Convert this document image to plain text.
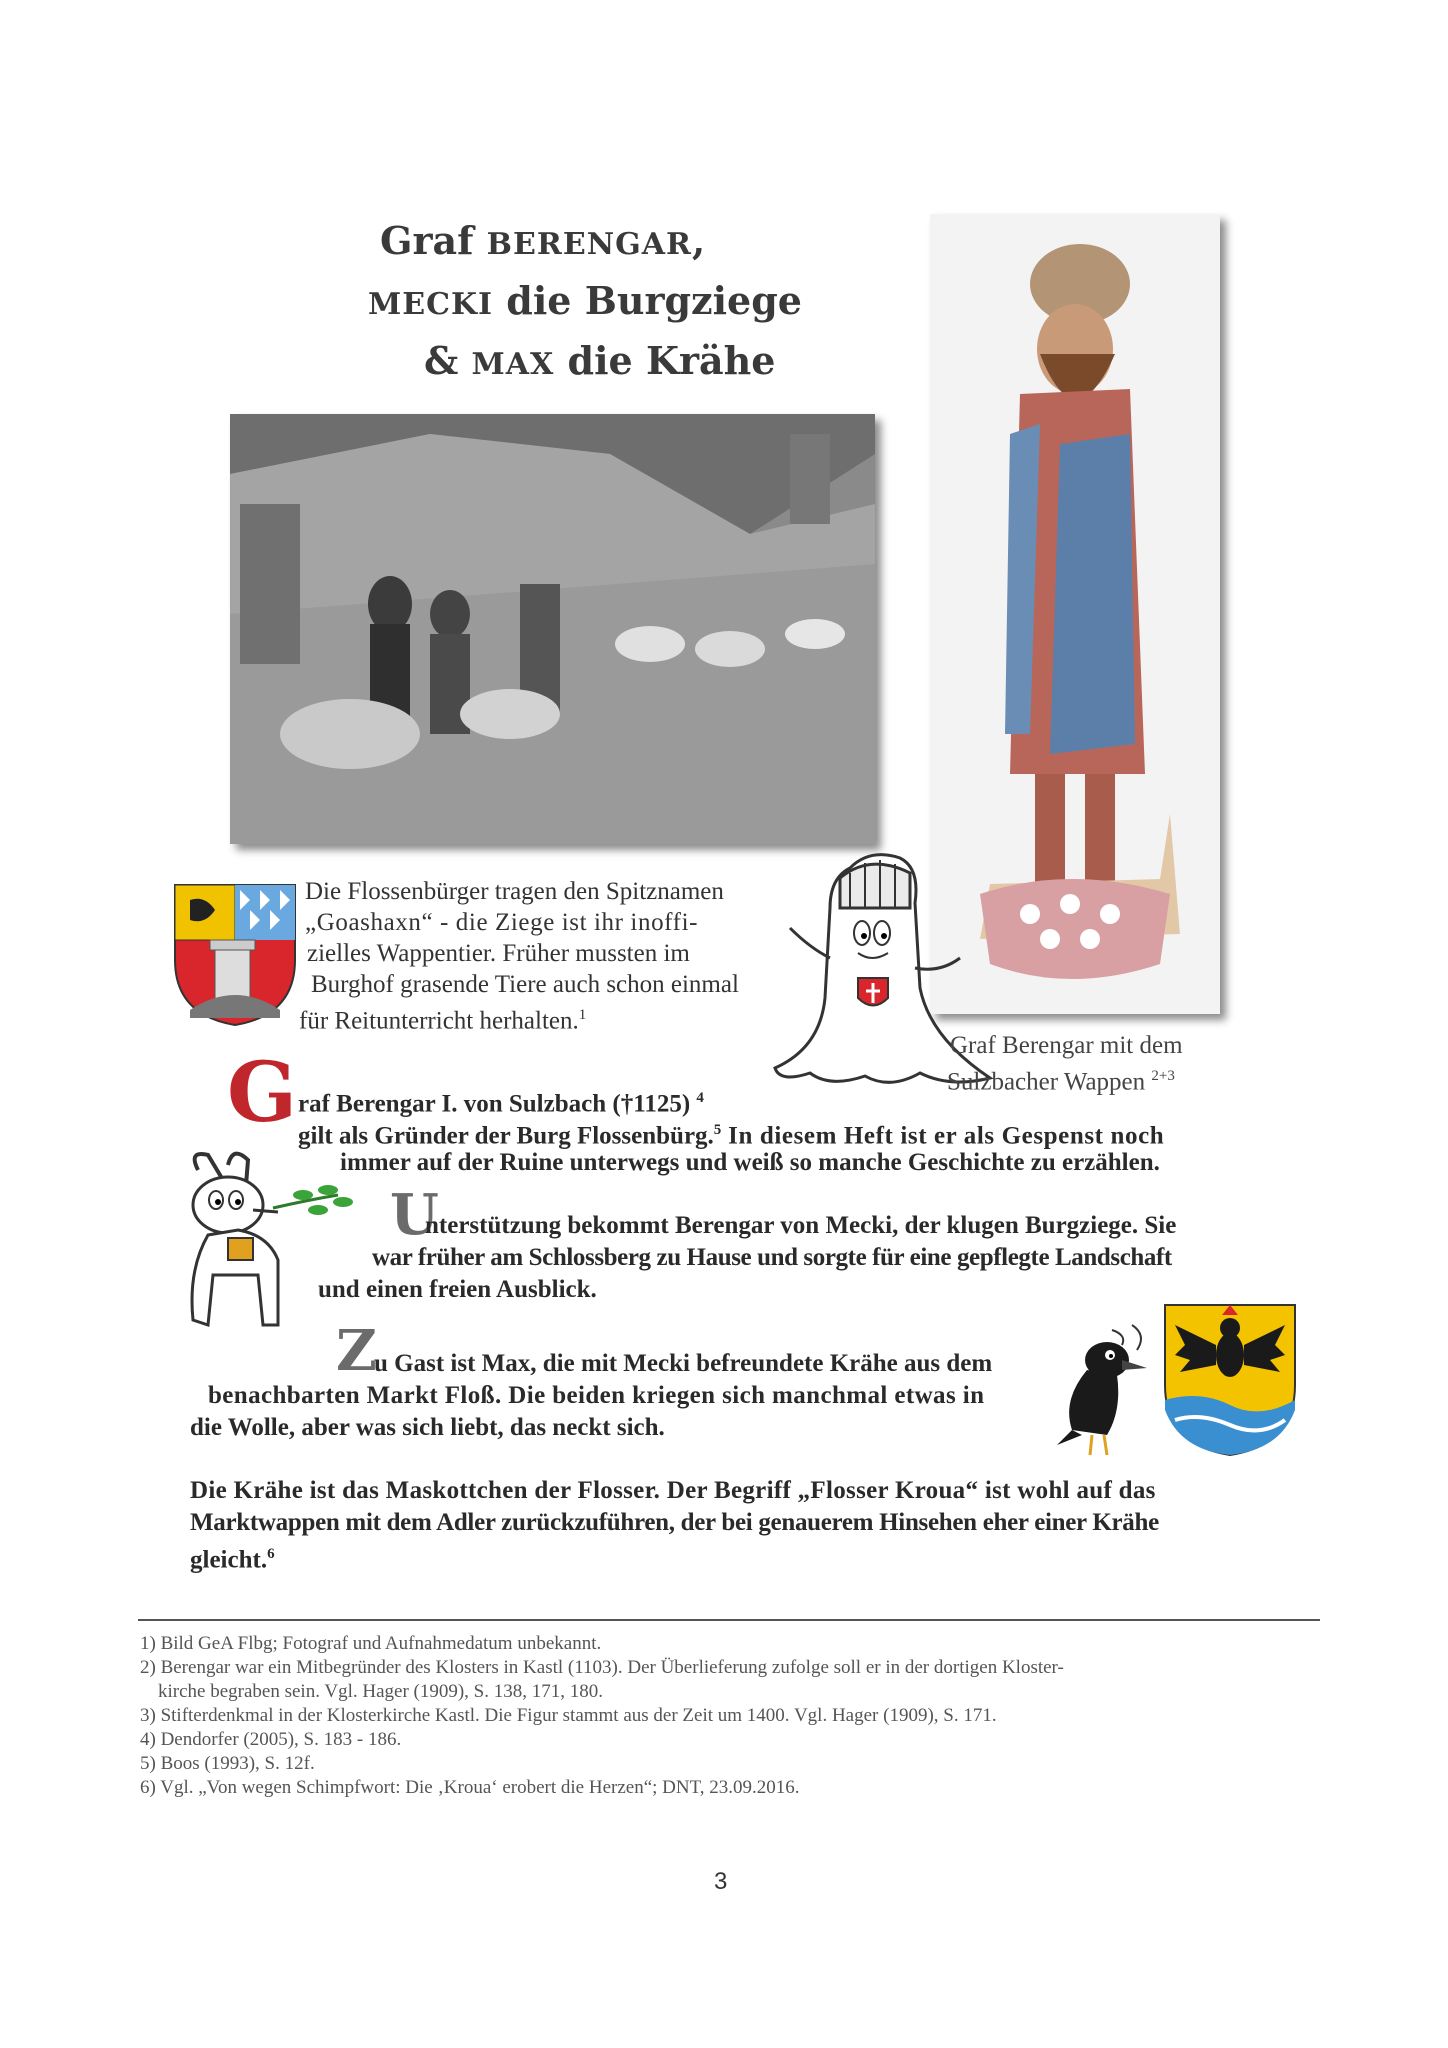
Graf BERENGAR,
MECKI die Burgziege
& MAX die Krähe
Die Flossenbürger tragen den Spitznamen
„Goashaxn“ - die Ziege ist ihr inoffi-
zielles Wappentier. Früher mussten im
Burghof grasende Tiere auch schon einmal
für Reitunterricht herhalten.$^1$
Graf Berengar mit dem
Sulzbacher Wappen $^{2+3}$
G raf Berengar I. von Sulzbach (†1125) $^4$
gilt als Gründer der Burg Flossenbürg.$^5$ In diesem Heft ist er als Gespenst noch
immer auf der Ruine unterwegs und weiß so manche Geschichte zu erzählen.
U
nterstützung bekommt Berengar von Mecki, der klugen Burgziege. Sie
war früher am Schlossberg zu Hause und sorgte für eine gepflegte Landschaft
und einen freien Ausblick.
Z
u Gast ist Max, die mit Mecki befreundete Krähe aus dem
benachbarten Markt Floß. Die beiden kriegen sich manchmal etwas in
die Wolle, aber was sich liebt, das neckt sich.
Die Krähe ist das Maskottchen der Flosser. Der Begriff „Flosser Kroua“ ist wohl auf das
Marktwappen mit dem Adler zurückzuführen, der bei genauerem Hinsehen eher einer Krähe
gleicht.$^6$
1) Bild GeA Flbg; Fotograf und Aufnahmedatum unbekannt.
2) Berengar war ein Mitbegründer des Klosters in Kastl (1103). Der Überlieferung zufolge soll er in der dortigen Kloster-
kirche begraben sein. Vgl. Hager (1909), S. 138, 171, 180.
3) Stifterdenkmal in der Klosterkirche Kastl. Die Figur stammt aus der Zeit um 1400. Vgl. Hager (1909), S. 171.
4) Dendorfer (2005), S. 183 - 186.
5) Boos (1993), S. 12f.
6) Vgl. „Von wegen Schimpfwort: Die ‚Kroua‘ erobert die Herzen“; DNT, 23.09.2016.
3
